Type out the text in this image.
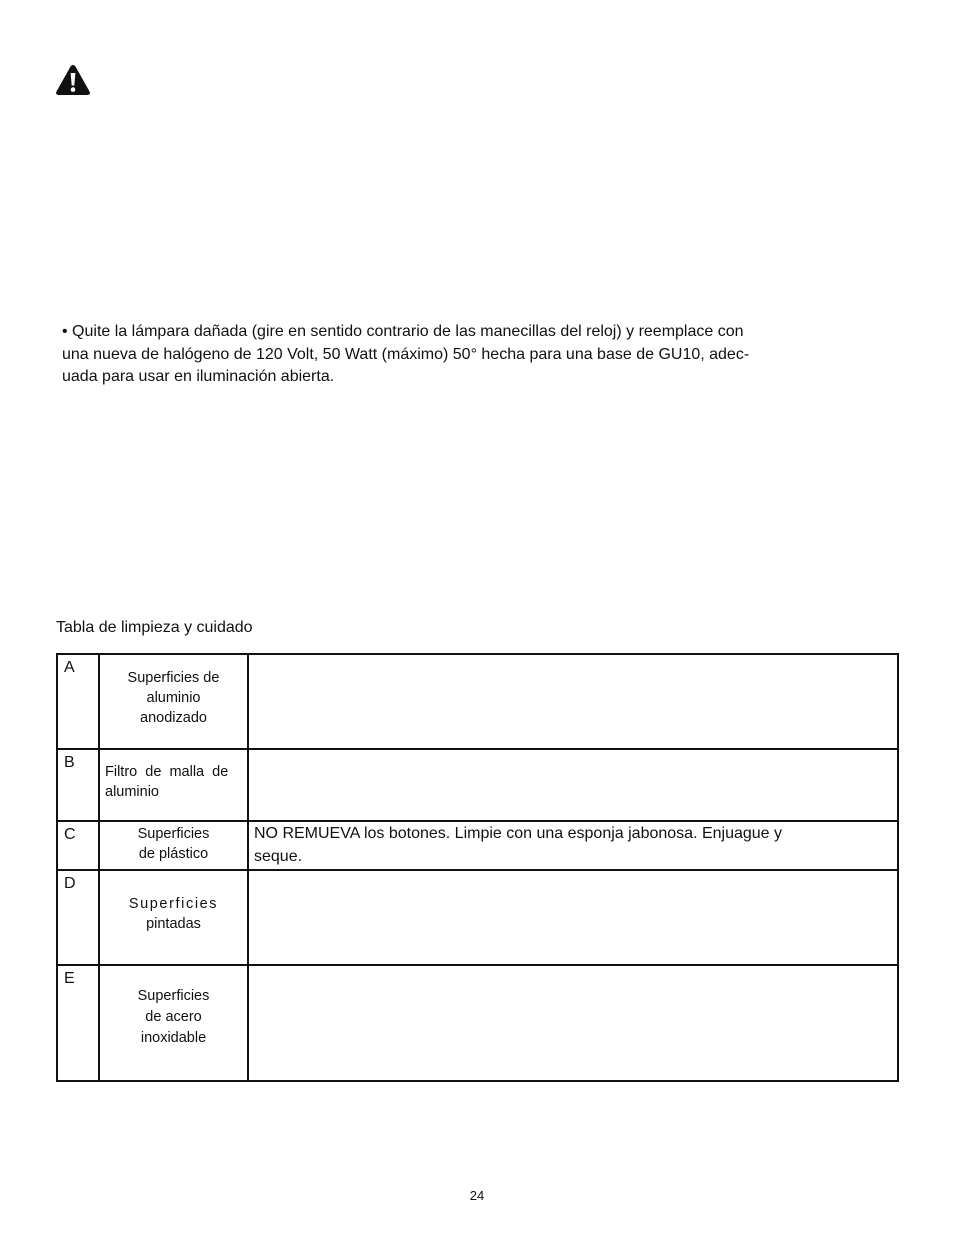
• Quite la lámpara dañada (gire en sentido contrario de las manecillas del reloj) y reemplace con
una nueva de halógeno de 120 Volt, 50 Watt (máximo) 50° hecha para una base de GU10, adec-
uada para usar en iluminación abierta.
Tabla de limpieza y cuidado
A	Superficies de
aluminio
anodizado	

B	Filtro  de  malla  de
aluminio	

C	Superficies
de plástico	NO REMUEVA los botones. Limpie con una esponja jabonosa. Enjuague y
seque.

D	Superficies
pintadas	

E	Superficies
de acero
inoxidable	

24
